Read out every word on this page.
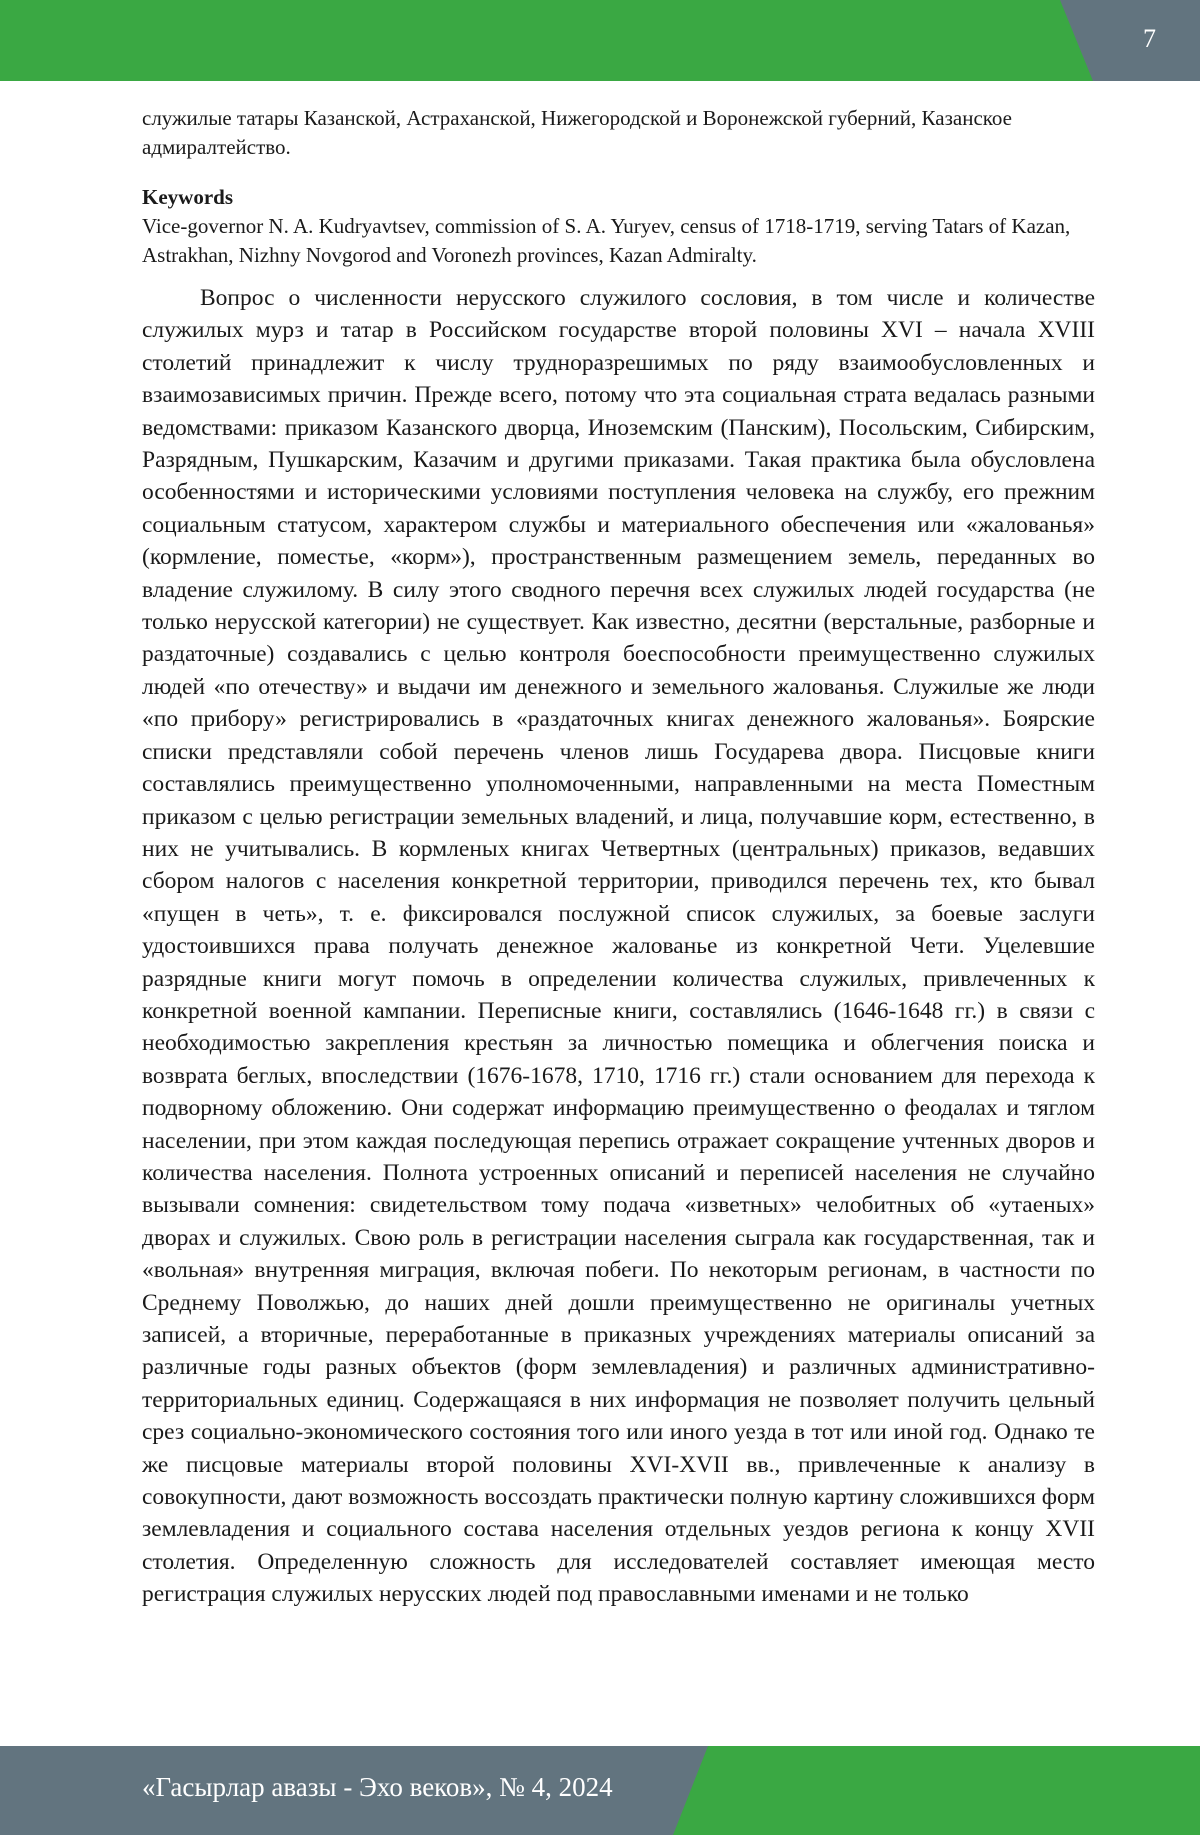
7

служилые татары Казанской, Астраханской, Нижегородской и Воронежской губерний, Казанское адмиралтейство.

Keywords

Vice-governor N. A. Kudryavtsev, commission of S. A. Yuryev, census of 1718-1719, serving Tatars of Kazan, Astrakhan, Nizhny Novgorod and Voronezh provinces, Kazan Admiralty.

Вопрос о численности нерусского служилого сословия, в том числе и количестве служилых мурз и татар в Российском государстве второй половины XVI – начала XVIII столетий принадлежит к числу трудноразрешимых по ряду взаимообусловленных и взаимозависимых причин. Прежде всего, потому что эта социальная страта ведалась разными ведомствами: приказом Казанского дворца, Иноземским (Панским), Посольским, Сибирским, Разрядным, Пушкарским, Казачим и другими приказами. Такая практика была обусловлена особенностями и историческими условиями поступления человека на службу, его прежним социальным статусом, характером службы и материального обеспечения или «жалованья» (кормление, поместье, «корм»), пространственным размещением земель, переданных во владение служилому. В силу этого сводного перечня всех служилых людей государства (не только нерусской категории) не существует. Как известно, десятни (верстальные, разборные и раздаточные) создавались с целью контроля боеспособности преимущественно служилых людей «по отечеству» и выдачи им денежного и земельного жалованья. Служилые же люди «по прибору» регистрировались в «раздаточных книгах денежного жалованья». Боярские списки представляли собой перечень членов лишь Государева двора. Писцовые книги составлялись преимущественно уполномоченными, направленными на места Поместным приказом с целью регистрации земельных владений, и лица, получавшие корм, естественно, в них не учитывались. В кормленых книгах Четвертных (центральных) приказов, ведавших сбором налогов с населения конкретной территории, приводился перечень тех, кто бывал «пущен в четь», т. е. фиксировался послужной список служилых, за боевые заслуги удостоившихся права получать денежное жалованье из конкретной Чети. Уцелевшие разрядные книги могут помочь в определении количества служилых, привлеченных к конкретной военной кампании. Переписные книги, составлялись (1646-1648 гг.) в связи с необходимостью закрепления крестьян за личностью помещика и облегчения поиска и возврата беглых, впоследствии (1676-1678, 1710, 1716 гг.) стали основанием для перехода к подворному обложению. Они содержат информацию преимущественно о феодалах и тяглом населении, при этом каждая последующая перепись отражает сокращение учтенных дворов и количества населения. Полнота устроенных описаний и переписей населения не случайно вызывали сомнения: свидетельством тому подача «изветных» челобитных об «утаеных» дворах и служилых. Свою роль в регистрации населения сыграла как государственная, так и «вольная» внутренняя миграция, включая побеги. По некоторым регионам, в частности по Среднему Поволжью, до наших дней дошли преимущественно не оригиналы учетных записей, а вторичные, переработанные в приказных учреждениях материалы описаний за различные годы разных объектов (форм землевладения) и различных административно-территориальных единиц. Содержащаяся в них информация не позволяет получить цельный срез социально-экономического состояния того или иного уезда в тот или иной год. Однако те же писцовые материалы второй половины XVI-XVII вв., привлеченные к анализу в совокупности, дают возможность воссоздать практически полную картину сложившихся форм землевладения и социального состава населения отдельных уездов региона к концу XVII столетия. Определенную сложность для исследователей составляет имеющая место регистрация служилых нерусских людей под православными именами и не только

«Гасырлар авазы - Эхо веков», № 4, 2024
